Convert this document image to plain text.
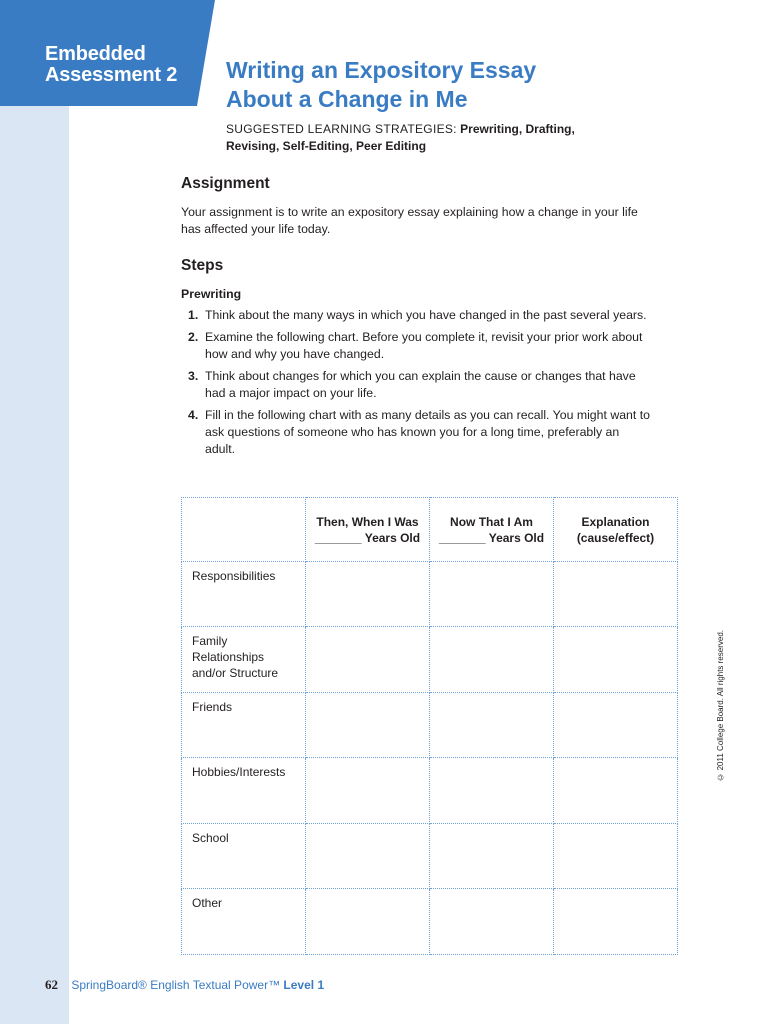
Embedded
Assessment 2 Writing an Expository Essay
About a Change in Me
SUGGESTED LEARNING STRATEGIES: Prewriting, Drafting,
Revising, Self-Editing, Peer Editing
Assignment

Your assignment is to write an expository essay explaining how a change in your life has affected your life today.

Steps

Prewriting

1. Think about the many ways in which you have changed in the past several years.
2. Examine the following chart. Before you complete it, revisit your prior work about how and why you have changed.
3. Think about changes for which you can explain the cause or changes that have had a major impact on your life.
4. Fill in the following chart with as many details as you can recall. You might want to ask questions of someone who has known you for a long time, preferably an adult.
	Then, When I Was _______ Years Old	Now That I Am _______ Years Old	Explanation (cause/effect)
Responsibilities			
Family Relationships and/or Structure			
Friends			
Hobbies/Interests			
School			
Other			
© 2011 College Board. All rights reserved.
62 SpringBoard® English Textual Power™ Level 1
